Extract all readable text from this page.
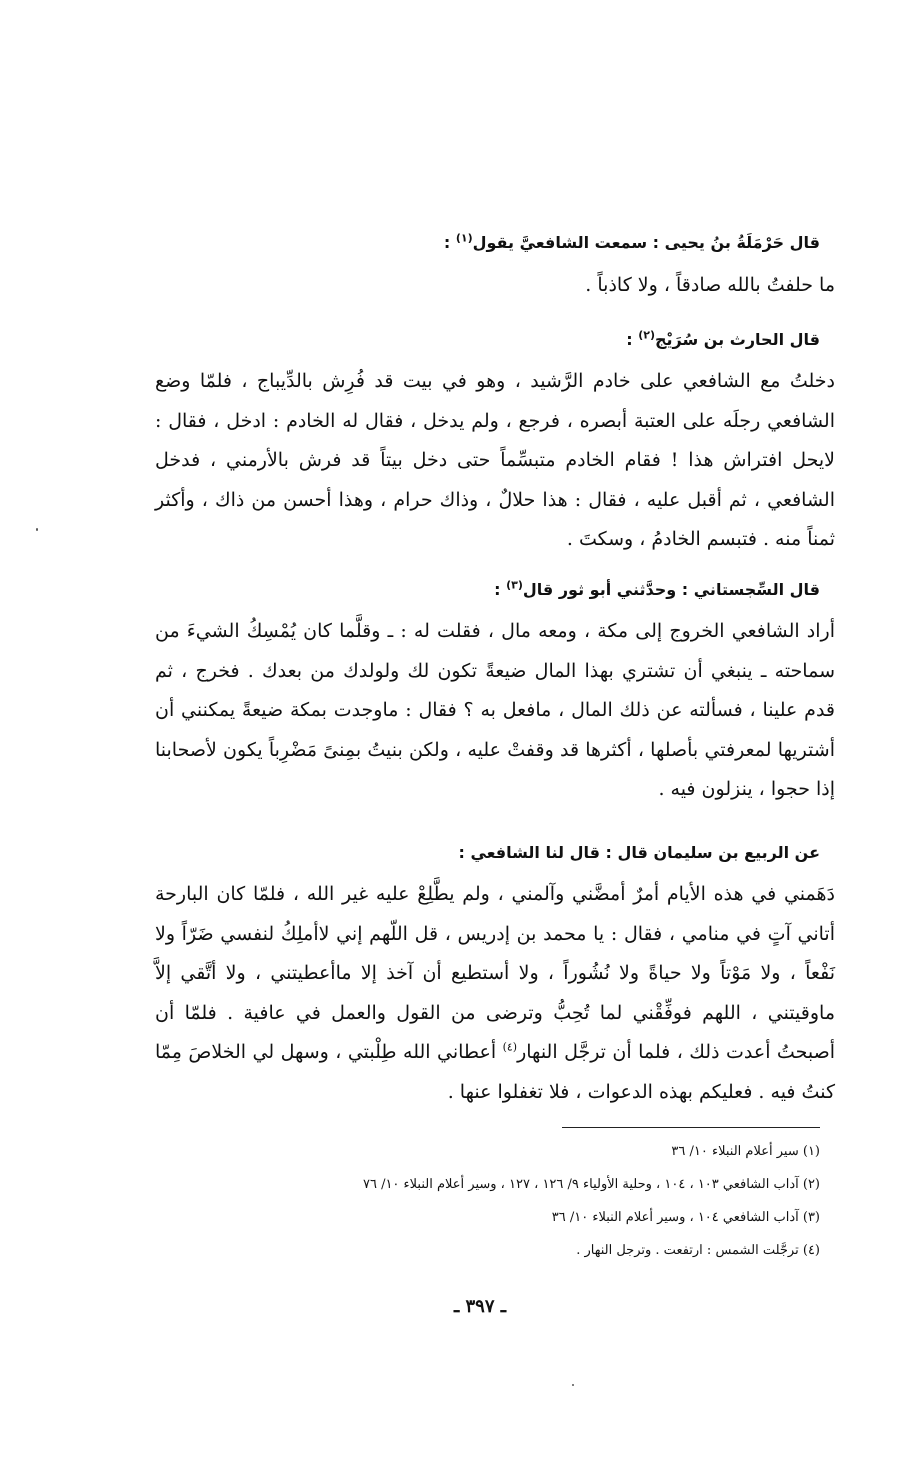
قال حَرْمَلَةُ بنُ يحيى : سمعت الشافعيَّ يقول$^{(١)}$ :
ما حلفتُ بالله صادقاً ، ولا كاذباً .
قال الحارث بن سُرَيْج$^{(٢)}$ :
دخلتُ مع الشافعي على خادم الرَّشيد ، وهو في بيت قد فُرِش بالدِّيباج ، فلمّا وضع الشافعي رجلَه على العتبة أبصره ، فرجع ، ولم يدخل ، فقال له الخادم : ادخل ، فقال : لايحل افتراش هذا ! فقام الخادم متبسِّماً حتى دخل بيتاً قد فرش بالأرمني ، فدخل الشافعي ، ثم أقبل عليه ، فقال : هذا حلالٌ ، وذاك حرام ، وهذا أحسن من ذاك ، وأكثر ثمناً منه . فتبسم الخادمُ ، وسكتَ .
قال السِّجستاني : وحدَّثني أبو ثور قال$^{(٣)}$ :
أراد الشافعي الخروج إلى مكة ، ومعه مال ، فقلت له : ـ وقلَّما كان يُمْسِكُ الشيءَ من سماحته ـ ينبغي أن تشتري بهذا المال ضيعةً تكون لك ولولدك من بعدك . فخرج ، ثم قدم علينا ، فسألته عن ذلك المال ، مافعل به ؟ فقال : ماوجدت بمكة ضيعةً يمكنني أن أشتريها لمعرفتي بأصلها ، أكثرها قد وقفتْ عليه ، ولكن بنيتُ بمِنىً مَضْرِباً يكون لأصحابنا إذا حجوا ، ينزلون فيه .
عن الربيع بن سليمان قال : قال لنا الشافعي :
دَهَمني في هذه الأيام أمرٌ أمضَّني وآلمني ، ولم يطَّلِعْ عليه غير الله ، فلمّا كان البارحة أتاني آتٍ في منامي ، فقال : يا محمد بن إدريس ، قل اللّهم إني لاأملِكُ لنفسي ضَرّاً ولا نَفْعاً ، ولا مَوْتاً ولا حياةً ولا نُشُوراً ، ولا أستطيع أن آخذ إلا ماأعطيتني ، ولا أتَّقي إلاَّ ماوقيتني ، اللهم فوفِّقْني لما تُحِبُّ وترضى من القول والعمل في عافية . فلمّا أن أصبحتُ أعدت ذلك ، فلما أن ترجَّل النهار$^{(٤)}$ أعطاني الله طِلْبتي ، وسهل لي الخلاصَ مِمّا كنتُ فيه . فعليكم بهذه الدعوات ، فلا تغفلوا عنها .
(١) سير أعلام النبلاء ١٠/ ٣٦
(٢) آداب الشافعي ١٠٣ ، ١٠٤ ، وحلية الأولياء ٩/ ١٢٦ ، ١٢٧ ، وسير أعلام النبلاء ١٠/ ٧٦
(٣) آداب الشافعي ١٠٤ ، وسير أعلام النبلاء ١٠/ ٣٦
(٤) ترجَّلت الشمس : ارتفعت . وترجل النهار .
ـ ٣٩٧ ـ
